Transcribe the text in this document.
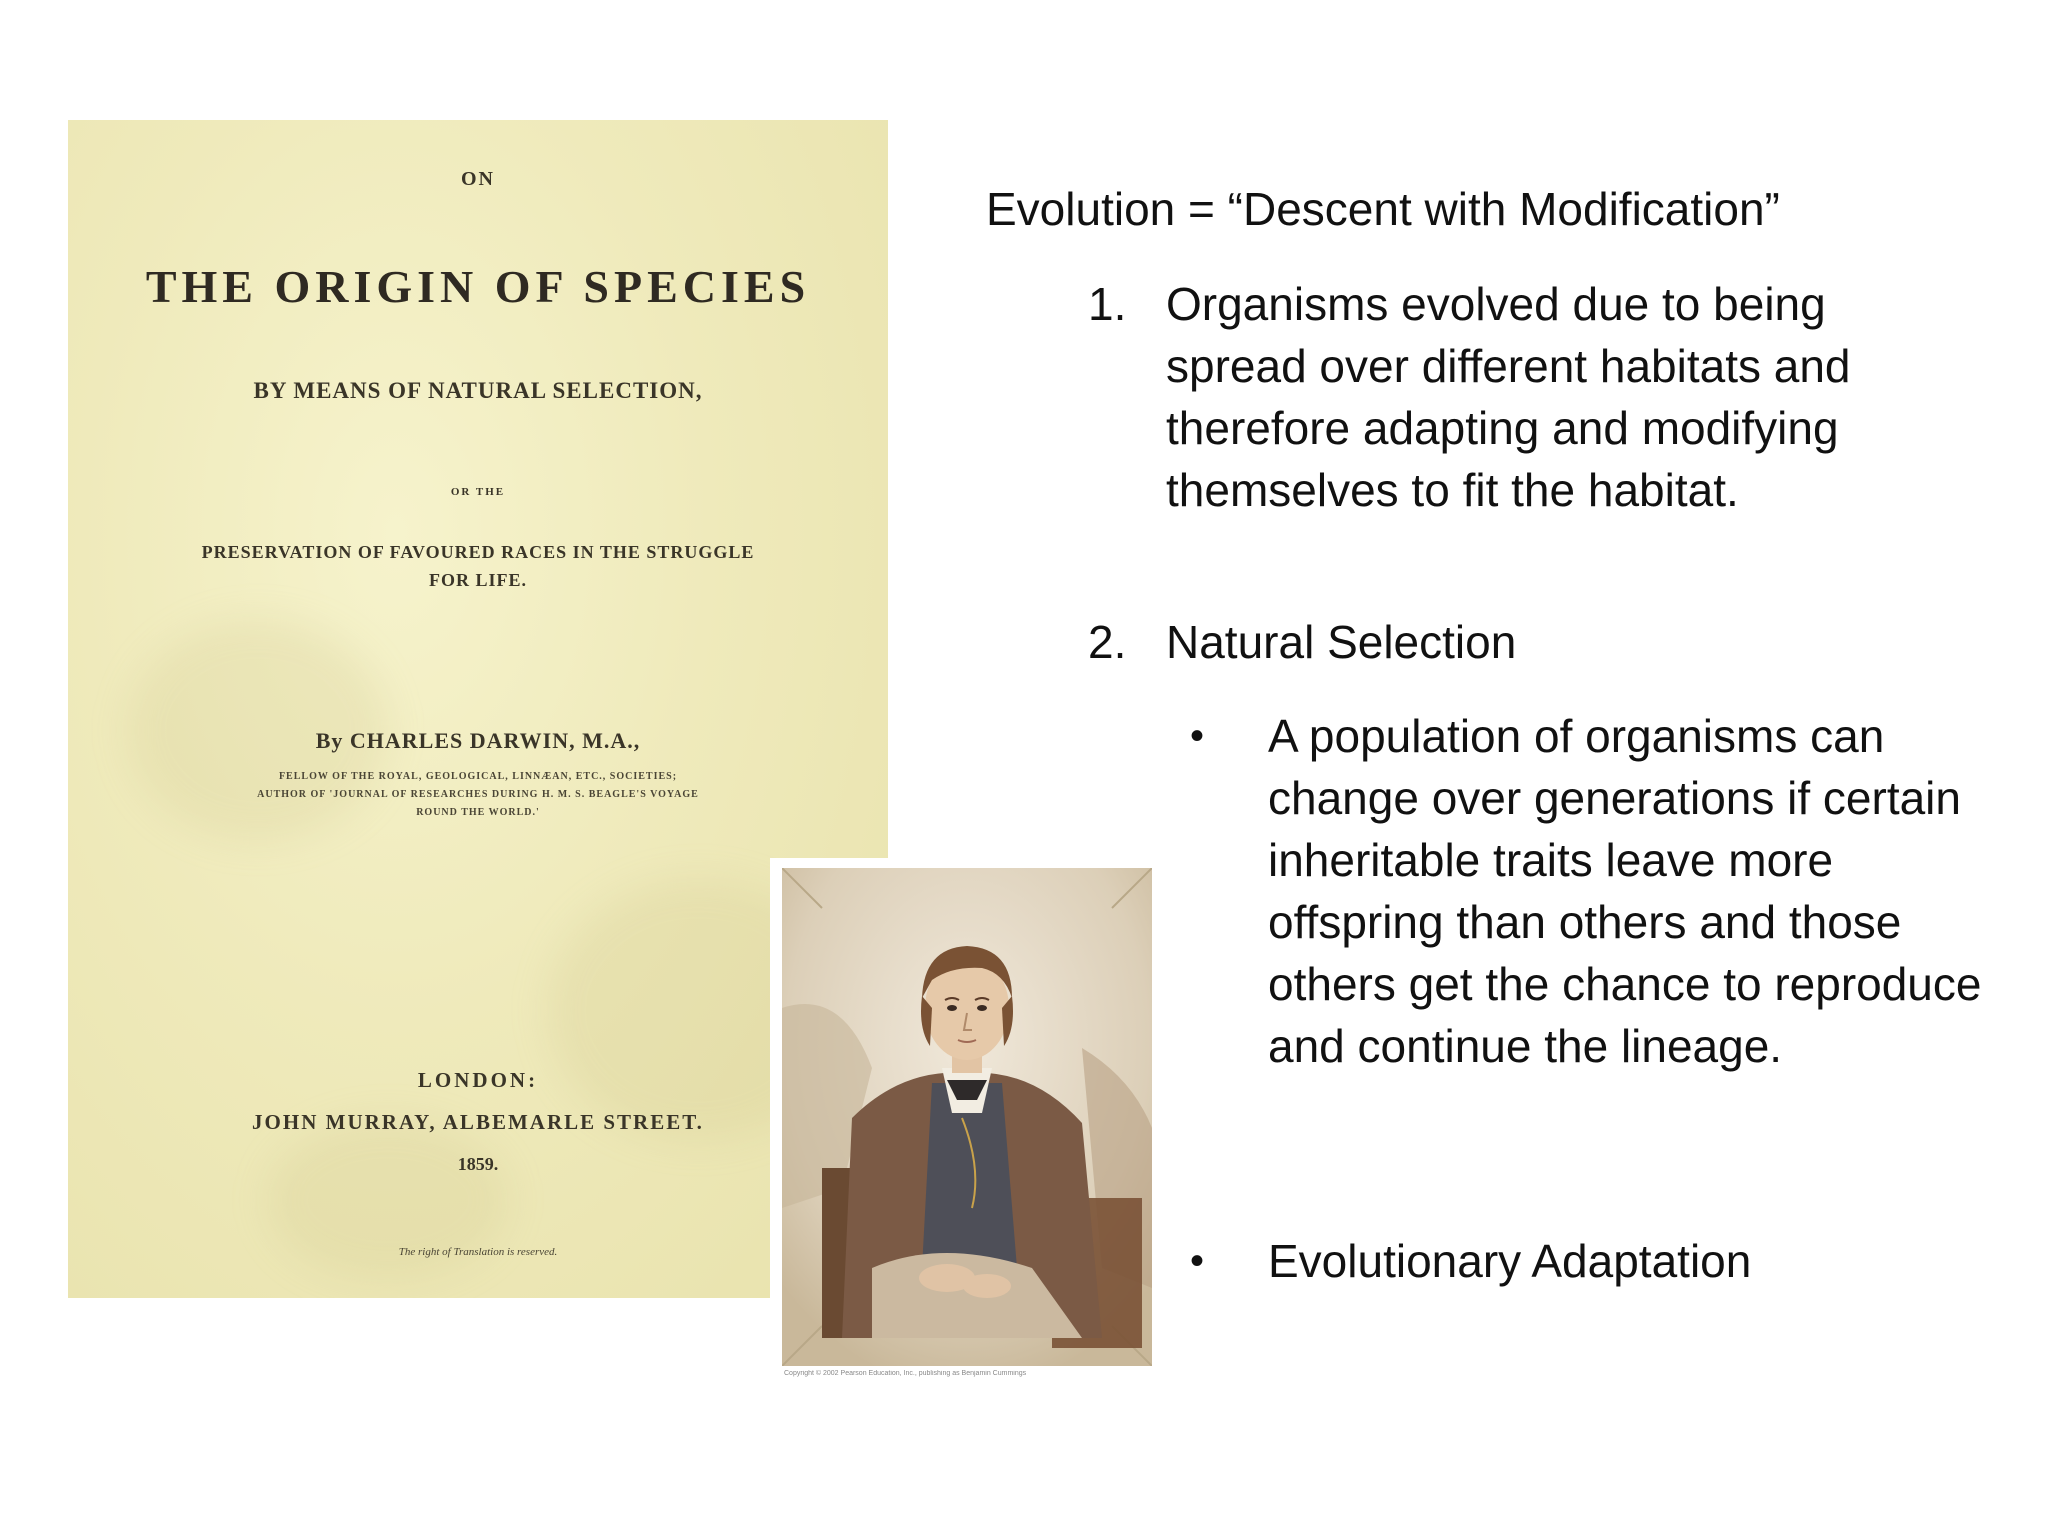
ON
THE ORIGIN OF SPECIES
BY MEANS OF NATURAL SELECTION,
OR THE
PRESERVATION OF FAVOURED RACES IN THE STRUGGLE
FOR LIFE.
By CHARLES DARWIN, M.A.,
FELLOW OF THE ROYAL, GEOLOGICAL, LINNÆAN, ETC., SOCIETIES;
AUTHOR OF 'JOURNAL OF RESEARCHES DURING H. M. S. BEAGLE'S VOYAGE
ROUND THE WORLD.'
LONDON:
JOHN MURRAY, ALBEMARLE STREET.
1859.
The right of Translation is reserved.
Copyright © 2002 Pearson Education, Inc., publishing as Benjamin Cummings
Evolution = “Descent with Modification”
1. Organisms evolved due to being spread over different habitats and therefore adapting and modifying themselves to fit the habitat.
2. Natural Selection
• A population of organisms can change over generations if certain inheritable traits leave more offspring than others and those others get the chance to reproduce and continue the lineage.
• Evolutionary Adaptation
